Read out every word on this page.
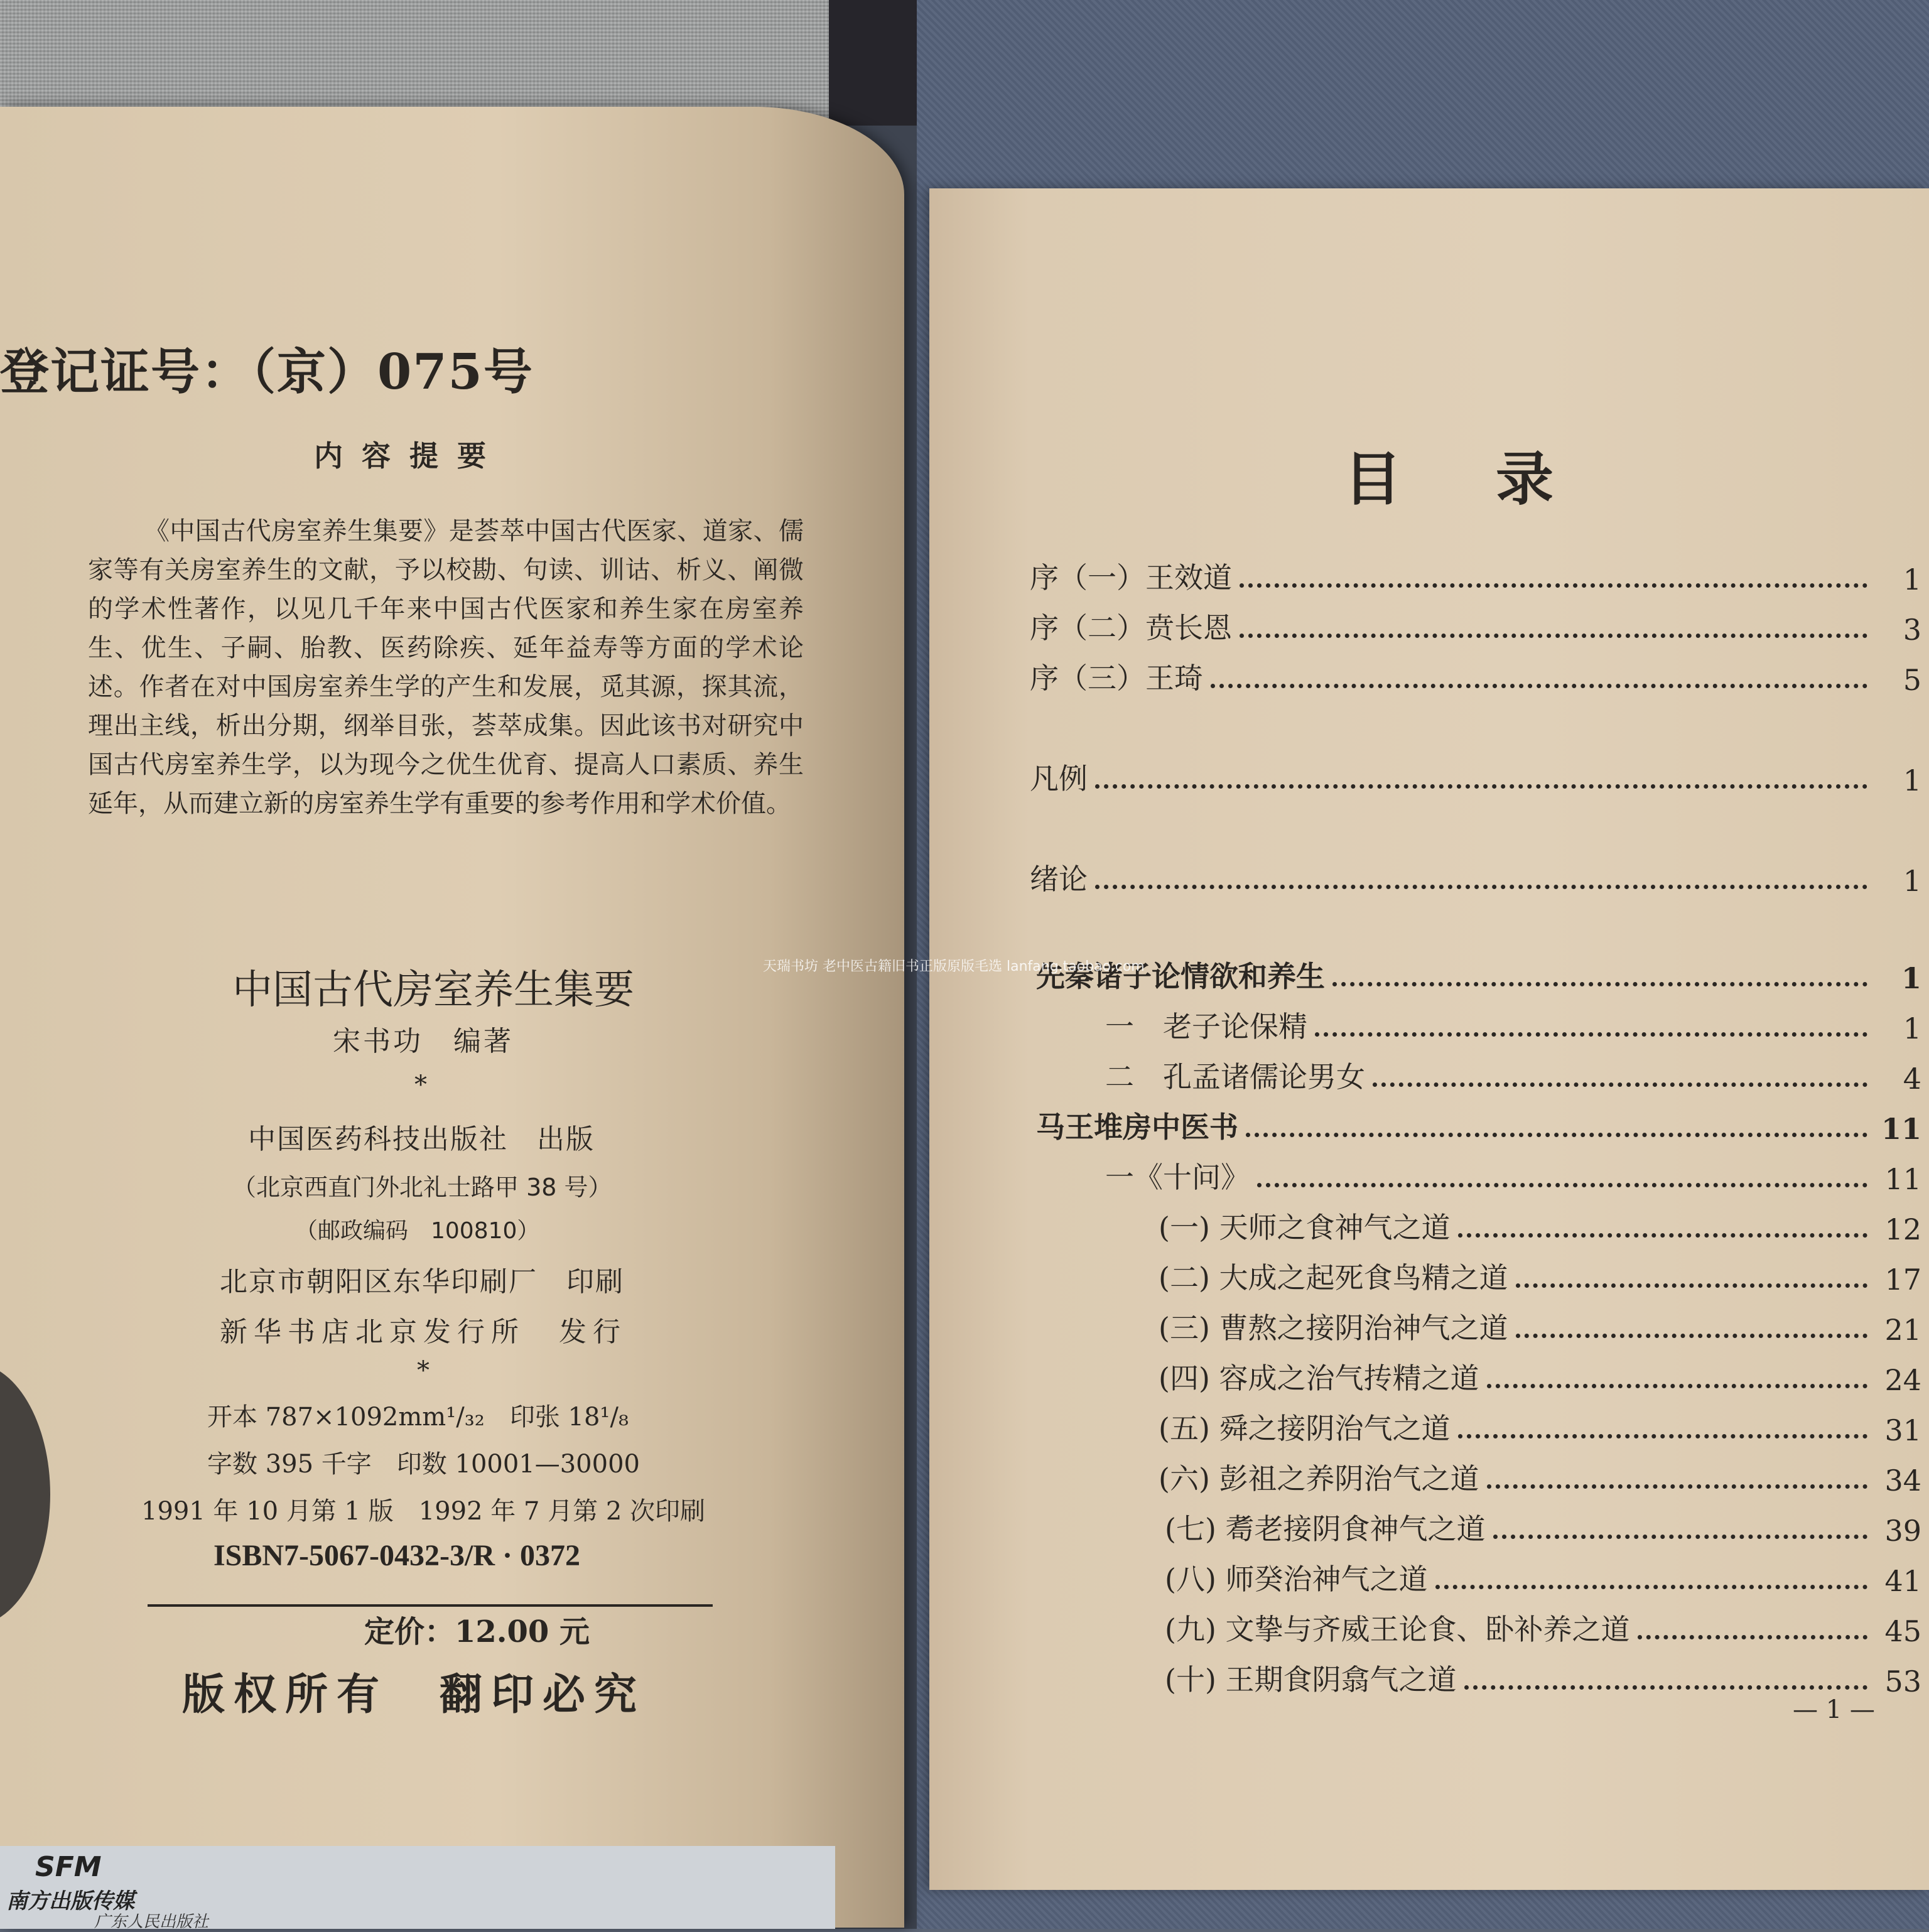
登记证号：（京）075号
内容提要
《中国古代房室养生集要》是荟萃中国古代医家、道家、儒家等有关房室养生的文献，予以校勘、句读、训诂、析义、阐微的学术性著作，以见几千年来中国古代医家和养生家在房室养生、优生、子嗣、胎教、医药除疾、延年益寿等方面的学术论述。作者在对中国房室养生学的产生和发展，觅其源，探其流，理出主线，析出分期，纲举目张，荟萃成集。因此该书对研究中国古代房室养生学，以为现今之优生优育、提高人口素质、养生延年，从而建立新的房室养生学有重要的参考作用和学术价值。
中国古代房室养生集要
宋书功　编著
*
中国医药科技出版社　出版
（北京西直门外北礼士路甲 38 号）
（邮政编码　100810）
北京市朝阳区东华印刷厂　印刷
新华书店北京发行所　发行
*
开本 787×1092mm¹/₃₂　印张 18¹/₈
字数 395 千字　印数 10001—30000
1991 年 10 月第 1 版　1992 年 7 月第 2 次印刷
ISBN7-5067-0432-3/R · 0372
定价：12.00 元
版权所有　翻印必究
SFM
南方出版传媒
广东人民出版社
目录
序（一）王效道	1
序（二）贲长恩	3
序（三）王琦	5
凡例	1
绪论	1
先秦诸子论情欲和养生	1
一　老子论保精	1
二　孔孟诸儒论男女	4
马王堆房中医书	11
一《十问》	11
(一) 天师之食神气之道	12
(二) 大成之起死食鸟精之道	17
(三) 曹熬之接阴治神气之道	21
(四) 容成之治气抟精之道	24
(五) 舜之接阴治气之道	31
(六) 彭祖之养阴治气之道	34
(七) 耈老接阴食神气之道	39
(八) 师癸治神气之道	41
(九) 文挚与齐威王论食、卧补养之道	45
(十) 王期食阴翕气之道	53
— 1 —
天瑞书坊 老中医古籍旧书正版原版毛选 lanfang.taobao.com
